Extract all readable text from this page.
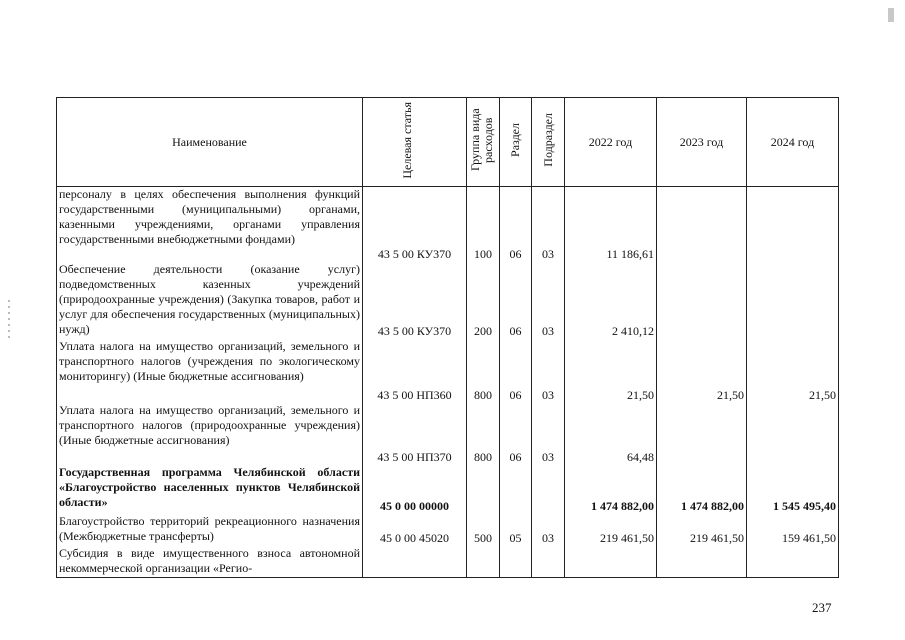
Наименование	Целевая статья	Группа вида расходов	Раздел	Подраздел	2022 год	2023 год	2024 год
персоналу в целях обеспечения выполнения функций государственными (муниципальными) органами, казенными учреждениями, органами управления государственными внебюджетными фондами)	43 5 00 КУ370	100	06	03	11 186,61		
Обеспечение деятельности (оказание услуг) подведомственных казенных учреждений (природоохранные учреждения) (Закупка товаров, работ и услуг для обеспечения государственных (муниципальных) нужд)	43 5 00 КУ370	200	06	03	2 410,12		
Уплата налога на имущество организаций, земельного и транспортного налогов (учреждения по экологическому мониторингу) (Иные бюджетные ассигнования)	43 5 00 НП360	800	06	03	21,50	21,50	21,50
Уплата налога на имущество организаций, земельного и транспортного налогов (природоохранные учреждения) (Иные бюджетные ассигнования)	43 5 00 НП370	800	06	03	64,48		
Государственная программа Челябинской области «Благоустройство населенных пунктов Челябинской области»	45 0 00 00000				1 474 882,00	1 474 882,00	1 545 495,40
Благоустройство территорий рекреационного назначения (Межбюджетные трансферты)	45 0 00 45020	500	05	03	219 461,50	219 461,50	159 461,50
Субсидия в виде имущественного взноса автономной некоммерческой организации «Регио-							
237
